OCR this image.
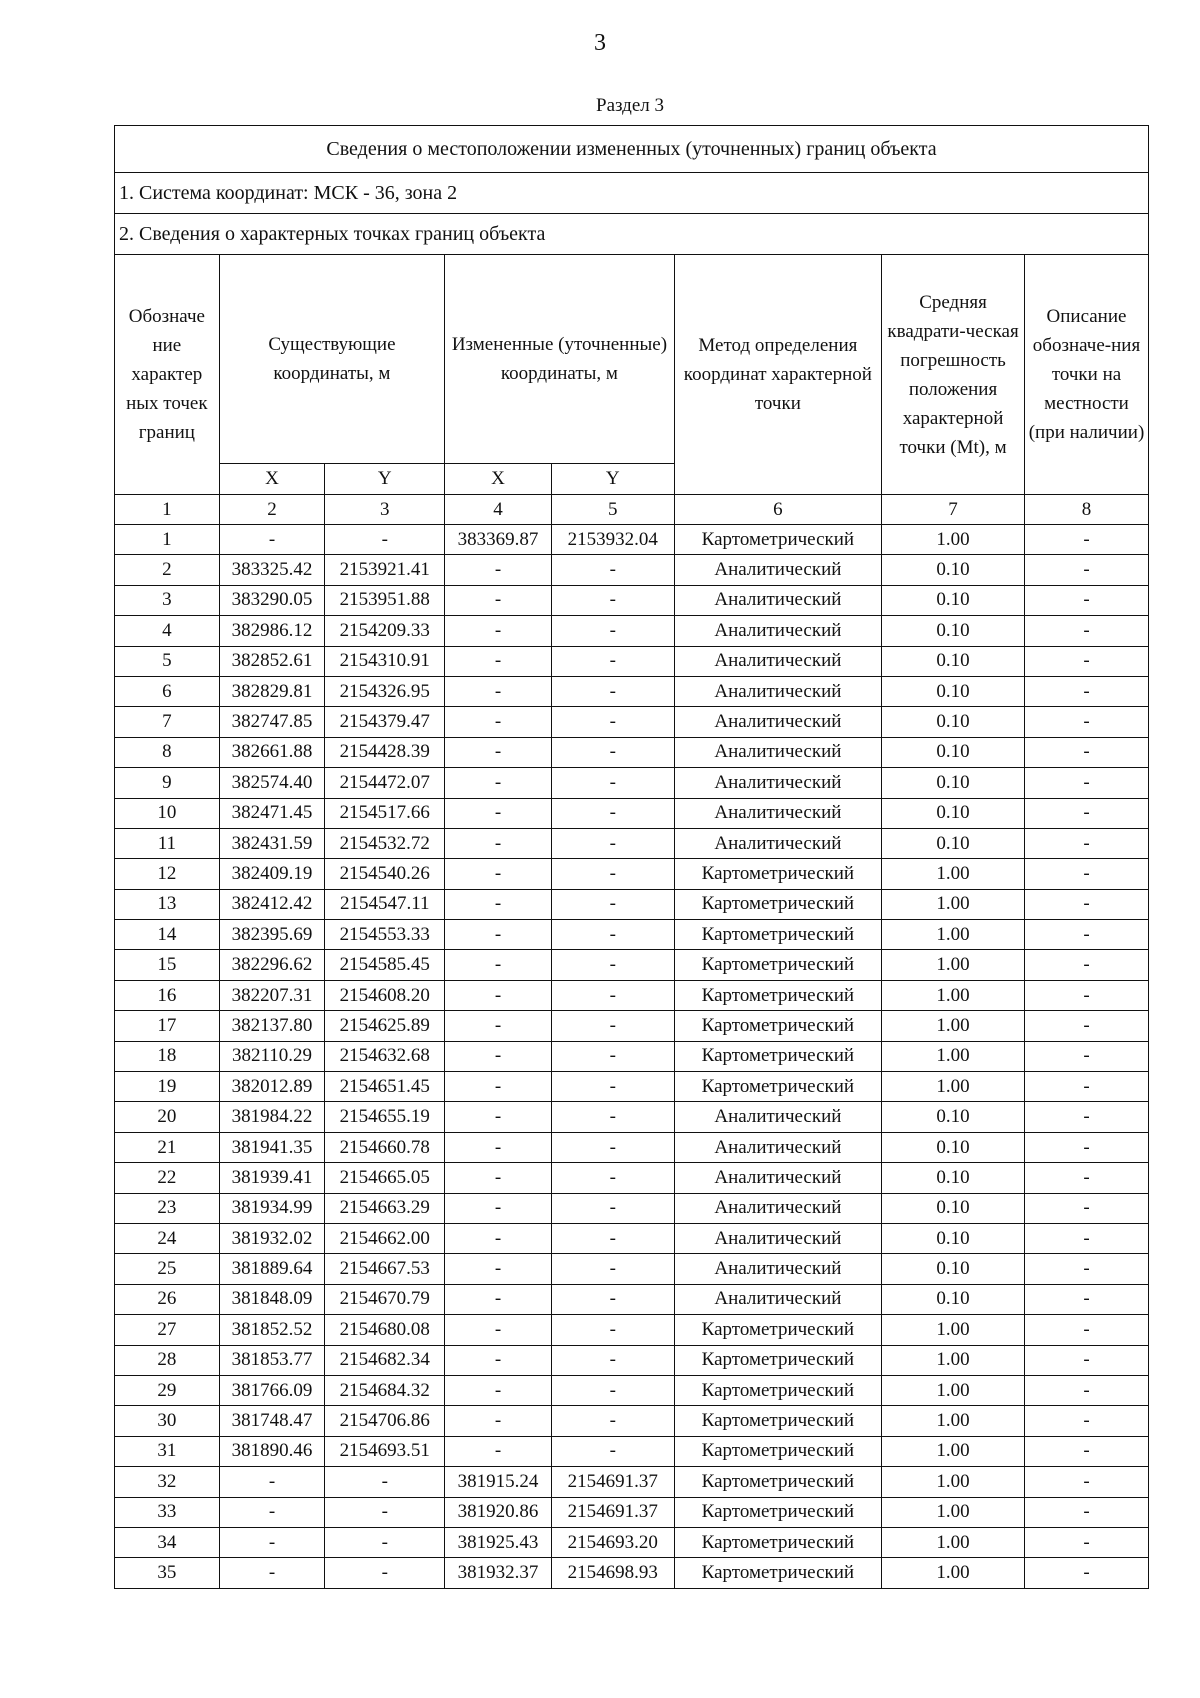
3
Раздел 3
Сведения о местоположении измененных (уточненных) границ объекта							
1. Система координат: МСК - 36, зона 2							
2. Сведения о характерных точках границ объекта							
Обозначе ние характер ных точек границ	Существующие координаты, м		Измененные (уточненные) координаты, м		Метод определения координат характерной точки	Средняя квадрати-ческая погрешность положения характерной точки (Mt), м	Описание обозначе-ния точки на местности (при наличии)
	X	Y	X	Y			
1	2	3	4	5	6	7	8
1	-	-	383369.87	2153932.04	Картометрический	1.00	-
2	383325.42	2153921.41	-	-	Аналитический	0.10	-
3	383290.05	2153951.88	-	-	Аналитический	0.10	-
4	382986.12	2154209.33	-	-	Аналитический	0.10	-
5	382852.61	2154310.91	-	-	Аналитический	0.10	-
6	382829.81	2154326.95	-	-	Аналитический	0.10	-
7	382747.85	2154379.47	-	-	Аналитический	0.10	-
8	382661.88	2154428.39	-	-	Аналитический	0.10	-
9	382574.40	2154472.07	-	-	Аналитический	0.10	-
10	382471.45	2154517.66	-	-	Аналитический	0.10	-
11	382431.59	2154532.72	-	-	Аналитический	0.10	-
12	382409.19	2154540.26	-	-	Картометрический	1.00	-
13	382412.42	2154547.11	-	-	Картометрический	1.00	-
14	382395.69	2154553.33	-	-	Картометрический	1.00	-
15	382296.62	2154585.45	-	-	Картометрический	1.00	-
16	382207.31	2154608.20	-	-	Картометрический	1.00	-
17	382137.80	2154625.89	-	-	Картометрический	1.00	-
18	382110.29	2154632.68	-	-	Картометрический	1.00	-
19	382012.89	2154651.45	-	-	Картометрический	1.00	-
20	381984.22	2154655.19	-	-	Аналитический	0.10	-
21	381941.35	2154660.78	-	-	Аналитический	0.10	-
22	381939.41	2154665.05	-	-	Аналитический	0.10	-
23	381934.99	2154663.29	-	-	Аналитический	0.10	-
24	381932.02	2154662.00	-	-	Аналитический	0.10	-
25	381889.64	2154667.53	-	-	Аналитический	0.10	-
26	381848.09	2154670.79	-	-	Аналитический	0.10	-
27	381852.52	2154680.08	-	-	Картометрический	1.00	-
28	381853.77	2154682.34	-	-	Картометрический	1.00	-
29	381766.09	2154684.32	-	-	Картометрический	1.00	-
30	381748.47	2154706.86	-	-	Картометрический	1.00	-
31	381890.46	2154693.51	-	-	Картометрический	1.00	-
32	-	-	381915.24	2154691.37	Картометрический	1.00	-
33	-	-	381920.86	2154691.37	Картометрический	1.00	-
34	-	-	381925.43	2154693.20	Картометрический	1.00	-
35	-	-	381932.37	2154698.93	Картометрический	1.00	-
